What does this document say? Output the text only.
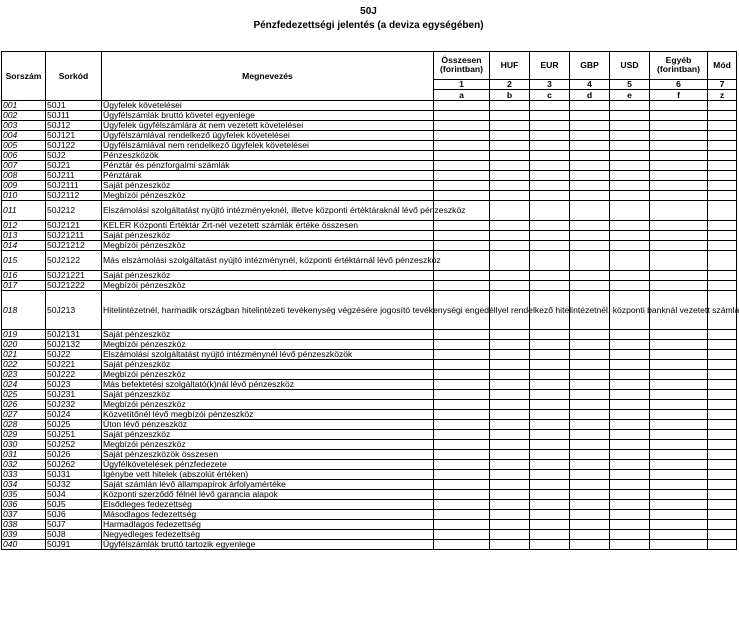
50J
Pénzfedezettségi jelentés (a deviza egységében)
Sorszám	Sorkód	Megnevezés	Összesen (forintban)	HUF	EUR	GBP	USD	Egyéb (forintban)	Mód
			1	2	3	4	5	6	7
			a	b	c	d	e	f	z
001	50J1	Ügyfelek követelései							
002	50J11	Ügyfélszámlák bruttó követel egyenlege							
003	50J12	Ügyfelek ügyfélszámlára át nem vezetett követelései							
004	50J121	Ügyfélszámlával rendelkező ügyfelek követelései							
005	50J122	Ügyfélszámlával nem rendelkező ügyfelek követelései							
006	50J2	Pénzeszközök							
007	50J21	Pénztár és pénzforgalmi számlák							
008	50J211	Pénztárak							
009	50J2111	Saját pénzeszköz							
010	50J2112	Megbízói pénzeszköz							
011	50J212	Elszámolási szolgáltatást nyújtó intézményeknél, illetve központi értéktáraknál lévő pénzeszköz							
012	50J2121	KELER Központi Értéktár Zrt-nél vezetett számlák értéke összesen							
013	50J21211	Saját pénzeszköz							
014	50J21212	Megbízói pénzeszköz							
015	50J2122	Más elszámolási szolgáltatást nyújtó intézménynél, központi értéktárnál lévő pénzeszköz							
016	50J21221	Saját pénzeszköz							
017	50J21222	Megbízói pénzeszköz							
018	50J213	Hitelintézetnél, harmadik országban hitelintézeti tevékenység végzésére jogosító tevékenységi engedéllyel rendelkező hitelintézetnél, központi banknál vezetett számla							
019	50J2131	Saját pénzeszköz							
020	50J2132	Megbízói pénzeszköz							
021	50J22	Elszámolási szolgáltatást nyújtó intézménynél lévő pénzeszközök							
022	50J221	Saját pénzeszköz							
023	50J222	Megbízói pénzeszköz							
024	50J23	Más befektetési szolgáltató(k)nál lévő pénzeszköz							
025	50J231	Saját pénzeszköz							
026	50J232	Megbízói pénzeszköz							
027	50J24	Közvetítőnél lévő megbízói pénzeszköz							
028	50J25	Úton lévő pénzeszköz							
029	50J251	Saját pénzeszköz							
030	50J252	Megbízói pénzeszköz							
031	50J26	Saját pénzeszközök összesen							
032	50J262	Ügyfélkövetelések pénzfedezete							
033	50J31	Igénybe vett hitelek (abszolút értéken)							
034	50J32	Saját számlán lévő állampapírok árfolyamértéke							
035	50J4	Központi szerződő félnél lévő garancia alapok							
036	50J5	Elsődleges fedezettség							
037	50J6	Másodlagos fedezettség							
038	50J7	Harmadlagos fedezettség							
039	50J8	Negyedleges fedezettség							
040	50J91	Ügyfélszámlák bruttó tartozik egyenlege							
